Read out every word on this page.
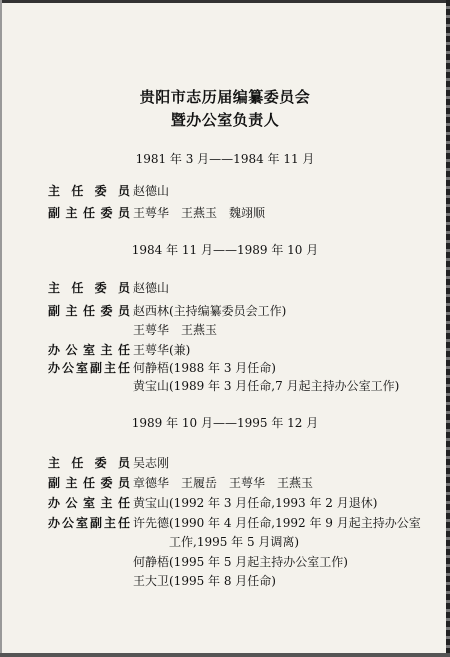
贵阳市志历届编纂委员会
暨办公室负责人
1981 年 3 月——1984 年 11 月
主任委员 赵德山
副主任委员 王萼华　王燕玉　魏翊顺
1984 年 11 月——1989 年 10 月
主任委员 赵德山
副主任委员 赵西林(主持编纂委员会工作)
王萼华　王燕玉
办公室主任 王萼华(兼)
办公室副主任 何静梧(1988 年 3 月任命)
黄宝山(1989 年 3 月任命,7 月起主持办公室工作)
1989 年 10 月——1995 年 12 月
主任委员 吴志刚
副主任委员 章德华　王履岳　王萼华　王燕玉
办公室主任 黄宝山(1992 年 3 月任命,1993 年 2 月退休)
办公室副主任 许先德(1990 年 4 月任命,1992 年 9 月起主持办公室
　　　工作,1995 年 5 月调离)
何静梧(1995 年 5 月起主持办公室工作)
王大卫(1995 年 8 月任命)
